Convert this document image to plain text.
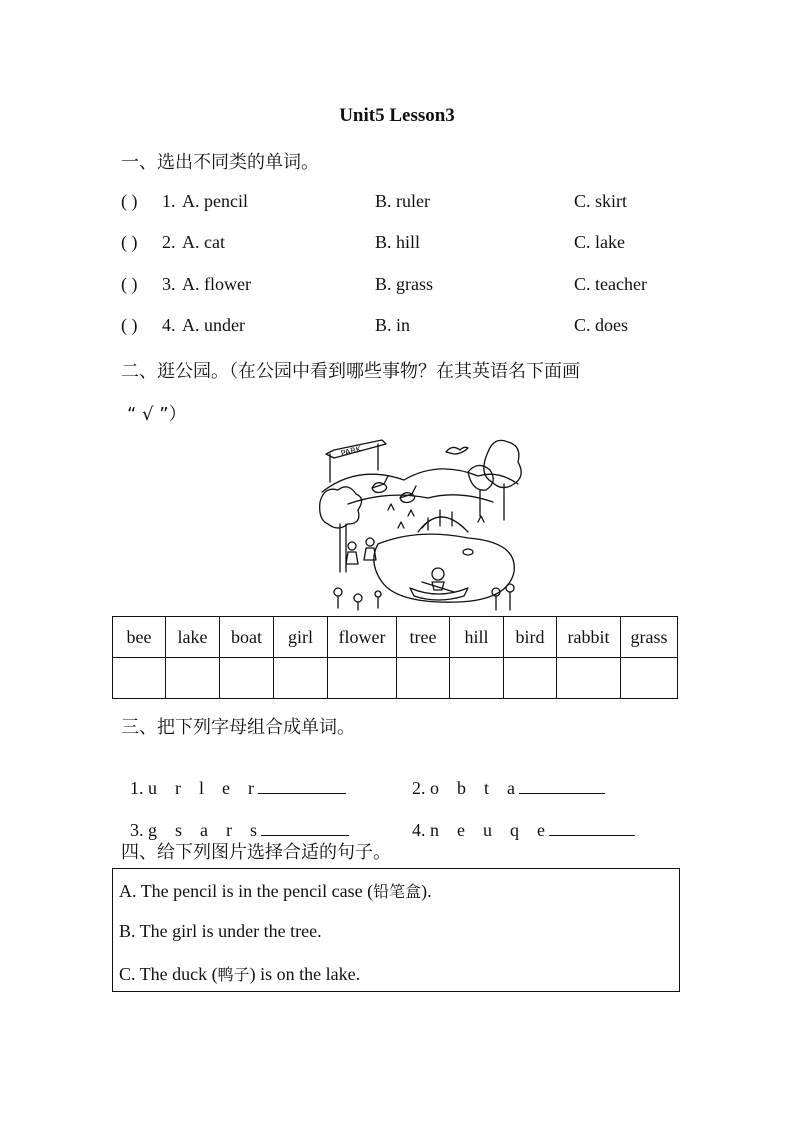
Unit5 Lesson3
一、选出不同类的单词。
( ) 1. A. pencil	B. ruler	C. skirt
( ) 2. A. cat	B. hill	C. lake
( ) 3. A. flower	B. grass	C. teacher
( ) 4. A. under	B. in	C. does
二、逛公园。（在公园中看到哪些事物？在其英语名下面画
“ √ ”）
PARK
bee	lake	boat	girl	flower	tree	hill	bird	rabbit	grass

三、把下列字母组合成单词。

1. u    r    l    e    r	2. o    b    t    a

3. g    s    a    r    s	4. n    e    u    q    e

四、给下列图片选择合适的句子。
A. The pencil is in the pencil case (铅笔盒).
B. The girl is under the tree.
C. The duck (鸭子) is on the lake.
